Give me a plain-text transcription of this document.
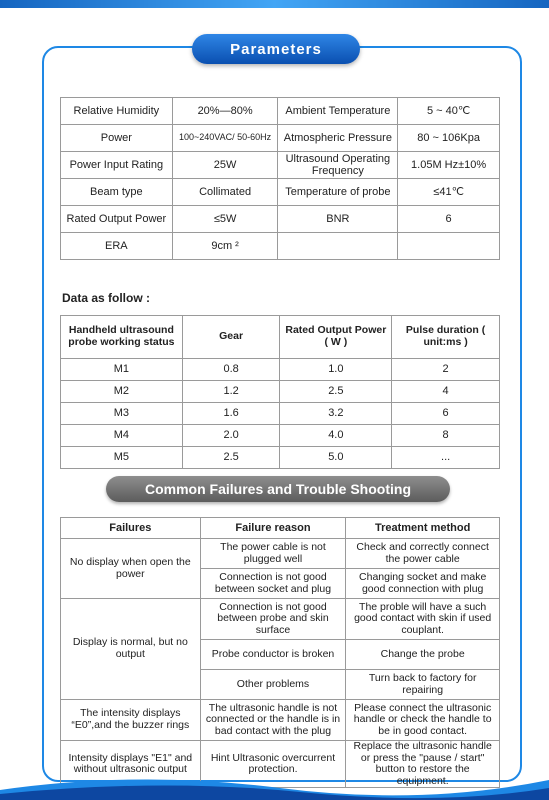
Parameters
Relative Humidity	20%—80%	Ambient Temperature	5 ~ 40℃
Power	100~240VAC/ 50-60Hz	Atmospheric Pressure	80 ~ 106Kpa
Power Input Rating	25W	Ultrasound Operating Frequency	1.05M Hz±10%
Beam type	Collimated	Temperature of probe	≤41℃
Rated Output Power	≤5W	BNR	6
ERA	9cm ²		
Data as follow :
Handheld ultrasound probe working status	Gear	Rated Output Power ( W )	Pulse duration ( unit:ms )
M1	0.8	1.0	2
M2	1.2	2.5	4
M3	1.6	3.2	6
M4	2.0	4.0	8
M5	2.5	5.0	...
Common Failures and Trouble Shooting
Failures	Failure reason	Treatment method
No display when open the power	The power cable is not plugged well	Check and correctly connect the power cable
	Connection is not good between socket and plug	Changing socket and make good connection with plug
Display is normal, but no output	Connection is not good between probe and skin surface	The proble will have a such good contact with skin if used couplant.
	Probe conductor is broken	Change the probe
	Other problems	Turn back to factory for repairing
The intensity displays “E0”,and the buzzer rings	The ultrasonic handle is not connected or the handle is in bad contact with the plug	Please connect the ultrasonic handle or check the handle to be in good contact.
Intensity displays "E1" and without ultrasonic output	Hint Ultrasonic overcurrent protection.	Replace the ultrasonic handle or press the "pause / start" button to restore the equipment.
